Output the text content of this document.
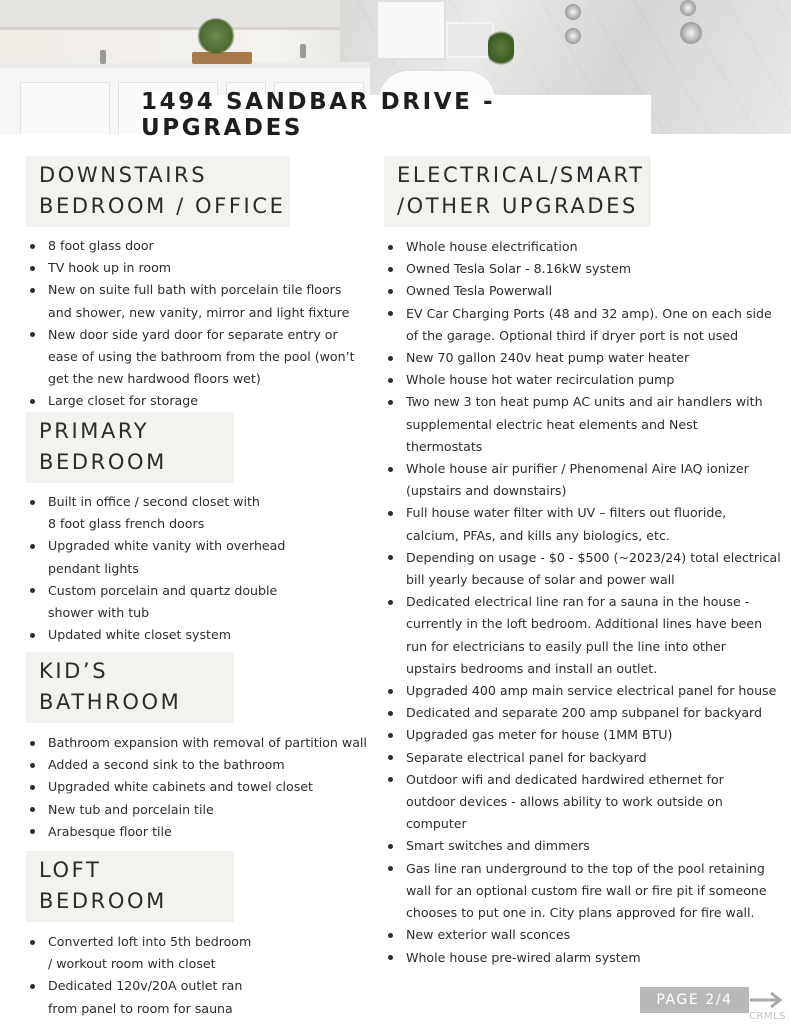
1494 SANDBAR DRIVE - UPGRADES
DOWNSTAIRS
BEDROOM / OFFICE
8 foot glass door
TV hook up in room
New on suite full bath with porcelain tile floors
and shower, new vanity, mirror and light fixture
New door side yard door for separate entry or
ease of using the bathroom from the pool (won’t
get the new hardwood floors wet)
Large closet for storage
PRIMARY
BEDROOM
Built in office / second closet with
8 foot glass french doors
Upgraded white vanity with overhead
pendant lights
Custom porcelain and quartz double
shower with tub
Updated white closet system
KID’S
BATHROOM
Bathroom expansion with removal of partition wall
Added a second sink to the bathroom
Upgraded white cabinets and towel closet
New tub and porcelain tile
Arabesque floor tile
LOFT
BEDROOM
Converted loft into 5th bedroom
/ workout room with closet
Dedicated 120v/20A outlet ran
from panel to room for sauna
ELECTRICAL/SMART
/OTHER UPGRADES
Whole house electrification
Owned Tesla Solar - 8.16kW system
Owned Tesla Powerwall
EV Car Charging Ports (48 and 32 amp). One on each side
of the garage. Optional third if dryer port is not used
New 70 gallon 240v heat pump water heater
Whole house hot water recirculation pump
Two new 3 ton heat pump AC units and air handlers with
supplemental electric heat elements and Nest
thermostats
Whole house air purifier / Phenomenal Aire IAQ ionizer
(upstairs and downstairs)
Full house water filter with UV – filters out fluoride,
calcium, PFAs, and kills any biologics, etc.
Depending on usage - $0 - $500 (~2023/24) total electrical
bill yearly because of solar and power wall
Dedicated electrical line ran for a sauna in the house -
currently in the loft bedroom. Additional lines have been
run for electricians to easily pull the line into other
upstairs bedrooms and install an outlet.
Upgraded 400 amp main service electrical panel for house
Dedicated and separate 200 amp subpanel for backyard
Upgraded gas meter for house (1MM BTU)
Separate electrical panel for backyard
Outdoor wifi and dedicated hardwired ethernet for
outdoor devices - allows ability to work outside on
computer
Smart switches and dimmers
Gas line ran underground to the top of the pool retaining
wall for an optional custom fire wall or fire pit if someone
chooses to put one in. City plans approved for fire wall.
New exterior wall sconces
Whole house pre-wired alarm system
PAGE 2/4
CRMLS
